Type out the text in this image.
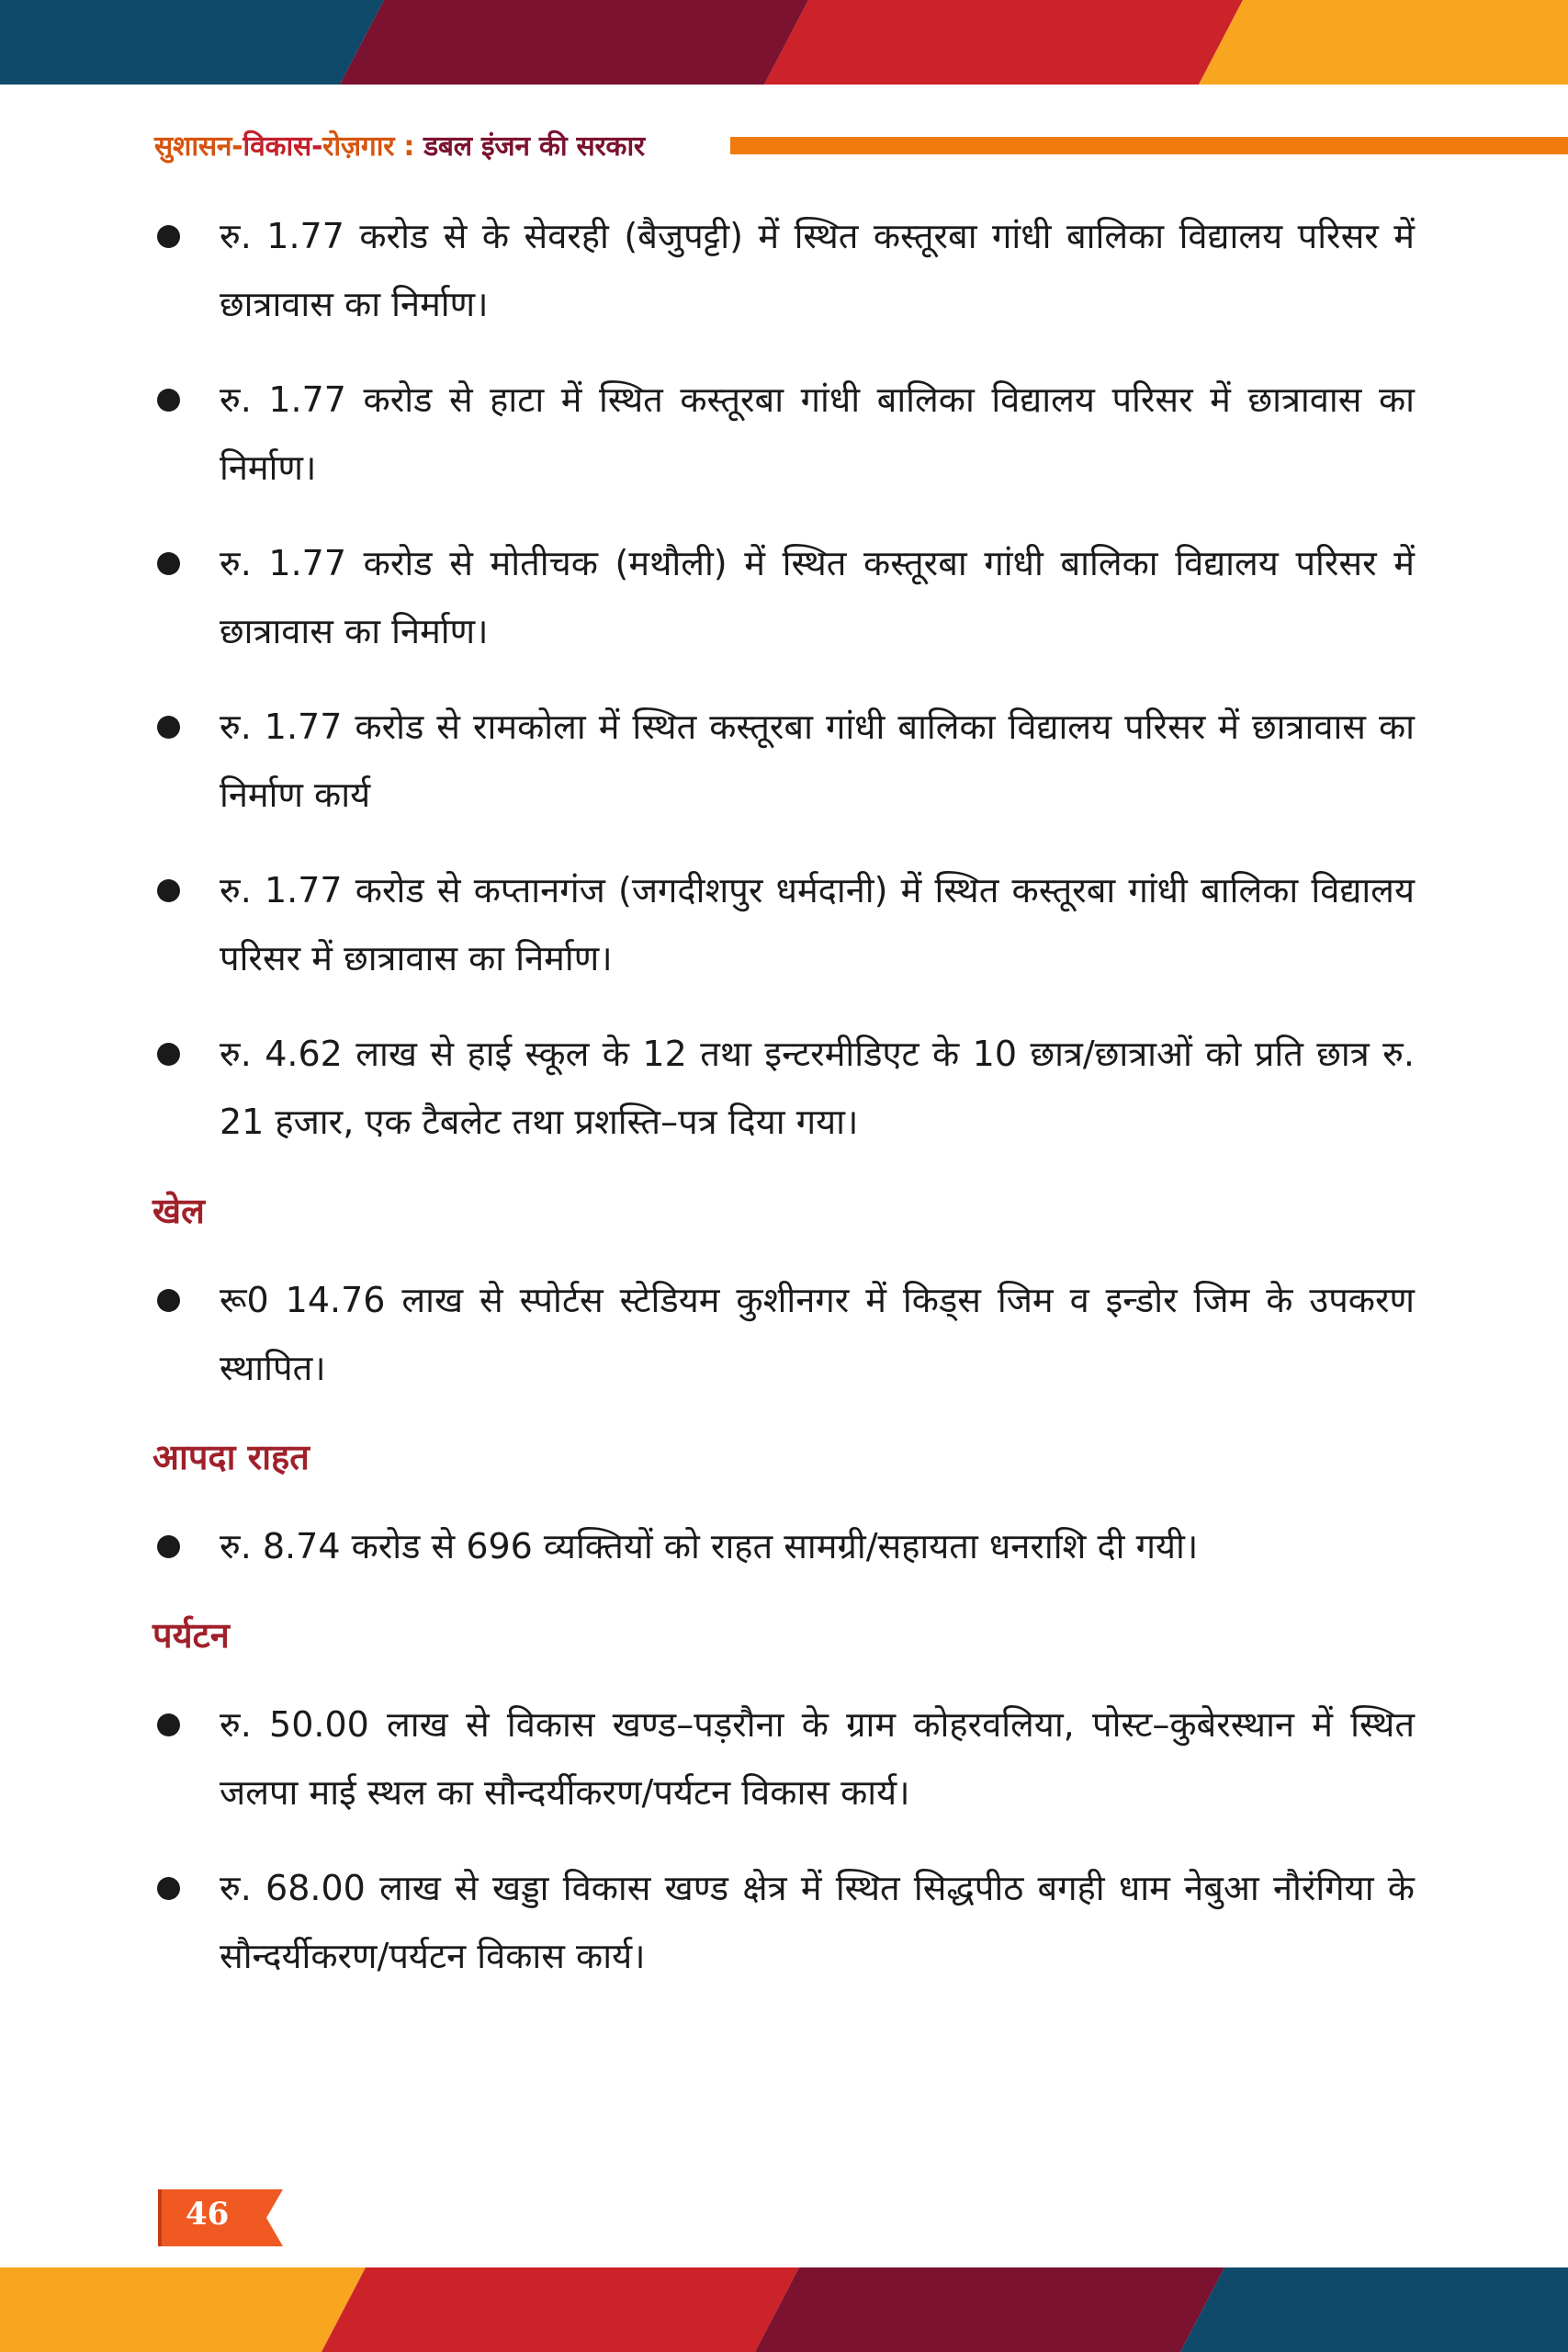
सुशासन-विकास-रोज़गार : डबल इंजन की सरकार
रु. 1.77 करोड से के सेवरही (बैजुपट्टी) में स्थित कस्तूरबा गांधी बालिका विद्यालय परिसर में छात्रावास का निर्माण।
रु. 1.77 करोड से हाटा में स्थित कस्तूरबा गांधी बालिका विद्यालय परिसर में छात्रावास का निर्माण।
रु. 1.77 करोड से मोतीचक (मथौली) में स्थित कस्तूरबा गांधी बालिका विद्यालय परिसर में छात्रावास का निर्माण।
रु. 1.77 करोड से रामकोला में स्थित कस्तूरबा गांधी बालिका विद्यालय परिसर में छात्रावास का निर्माण कार्य
रु. 1.77 करोड से कप्तानगंज (जगदीशपुर धर्मदानी) में स्थित कस्तूरबा गांधी बालिका विद्यालय परिसर में छात्रावास का निर्माण।
रु. 4.62 लाख से हाई स्कूल के 12 तथा इन्टरमीडिएट के 10 छात्र/छात्राओं को प्रति छात्र रु. 21 हजार, एक टैबलेट तथा प्रशस्ति–पत्र दिया गया।
खेल
रू0 14.76 लाख से स्पोर्टस स्टेडियम कुशीनगर में किड्स जिम व इन्डोर जिम के उपकरण स्थापित।
आपदा राहत
रु. 8.74 करोड से 696 व्यक्तियों को राहत सामग्री/सहायता धनराशि दी गयी।
पर्यटन
रु. 50.00 लाख से विकास खण्ड–पड़रौना के ग्राम कोहरवलिया, पोस्ट–कुबेरस्थान में स्थित जलपा माई स्थल का सौन्दर्यीकरण/पर्यटन विकास कार्य।
रु. 68.00 लाख से खड्डा विकास खण्ड क्षेत्र में स्थित सिद्धपीठ बगही धाम नेबुआ नौरंगिया के सौन्दर्यीकरण/पर्यटन विकास कार्य।
46
